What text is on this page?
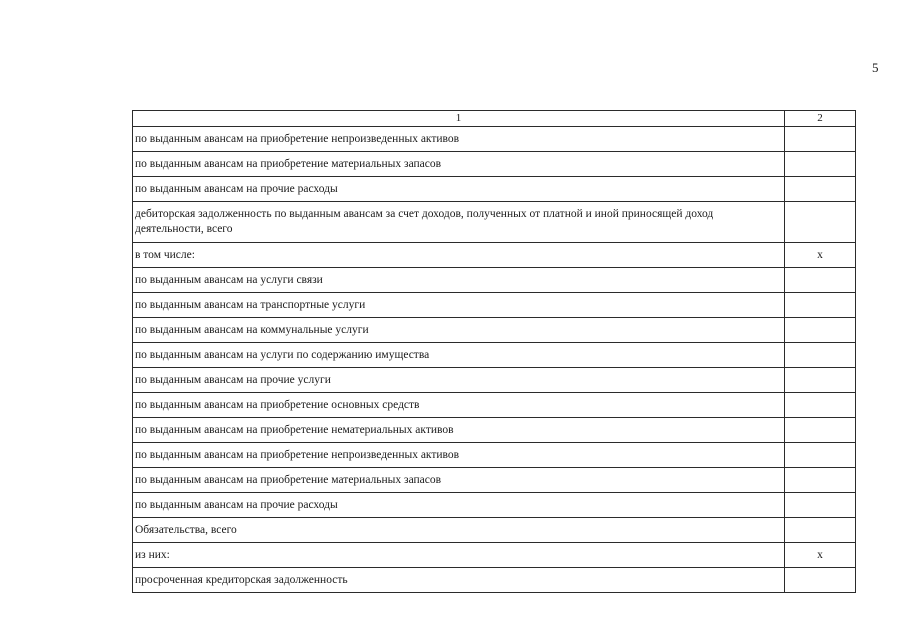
5
1	2
по выданным авансам на приобретение непроизведенных активов	
по выданным авансам на приобретение материальных запасов	
по выданным авансам на прочие расходы	
дебиторская задолженность по выданным авансам за счет доходов, полученных от платной и иной приносящей доход деятельности, всего	
в том числе:	х
по выданным авансам на услуги связи	
по выданным авансам на транспортные услуги	
по выданным авансам на коммунальные услуги	
по выданным авансам на услуги по содержанию имущества	
по выданным авансам на прочие услуги	
по выданным авансам на приобретение основных средств	
по выданным авансам на приобретение нематериальных активов	
по выданным авансам на приобретение непроизведенных активов	
по выданным авансам на приобретение материальных запасов	
по выданным авансам на прочие расходы	
Обязательства, всего	
из них:	х
просроченная кредиторская задолженность	
